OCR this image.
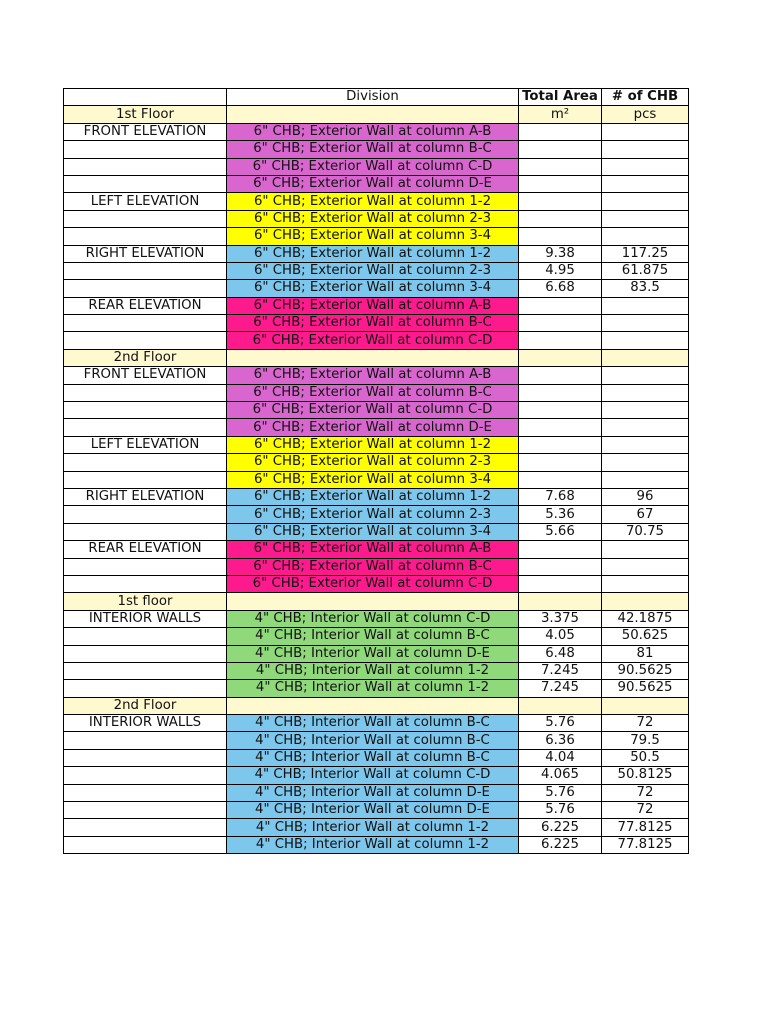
	Division	Total Area	# of CHB
1st Floor		m²	pcs
FRONT ELEVATION	6" CHB; Exterior Wall at column A-B		
	6" CHB; Exterior Wall at column B-C		
	6" CHB; Exterior Wall at column C-D		
	6" CHB; Exterior Wall at column D-E		
LEFT ELEVATION	6" CHB; Exterior Wall at column 1-2		
	6" CHB; Exterior Wall at column 2-3		
	6" CHB; Exterior Wall at column 3-4		
RIGHT ELEVATION	6" CHB; Exterior Wall at column 1-2	9.38	117.25
	6" CHB; Exterior Wall at column 2-3	4.95	61.875
	6" CHB; Exterior Wall at column 3-4	6.68	83.5
REAR ELEVATION	6" CHB; Exterior Wall at column A-B		
	6" CHB; Exterior Wall at column B-C		
	6" CHB; Exterior Wall at column C-D		
2nd Floor			
FRONT ELEVATION	6" CHB; Exterior Wall at column A-B		
	6" CHB; Exterior Wall at column B-C		
	6" CHB; Exterior Wall at column C-D		
	6" CHB; Exterior Wall at column D-E		
LEFT ELEVATION	6" CHB; Exterior Wall at column 1-2		
	6" CHB; Exterior Wall at column 2-3		
	6" CHB; Exterior Wall at column 3-4		
RIGHT ELEVATION	6" CHB; Exterior Wall at column 1-2	7.68	96
	6" CHB; Exterior Wall at column 2-3	5.36	67
	6" CHB; Exterior Wall at column 3-4	5.66	70.75
REAR ELEVATION	6" CHB; Exterior Wall at column A-B		
	6" CHB; Exterior Wall at column B-C		
	6" CHB; Exterior Wall at column C-D		
1st floor			
INTERIOR WALLS	4" CHB; Interior Wall at column C-D	3.375	42.1875
	4" CHB; Interior Wall at column B-C	4.05	50.625
	4" CHB; Interior Wall at column D-E	6.48	81
	4" CHB; Interior Wall at column 1-2	7.245	90.5625
	4" CHB; Interior Wall at column 1-2	7.245	90.5625
2nd Floor			
INTERIOR WALLS	4" CHB; Interior Wall at column B-C	5.76	72
	4" CHB; Interior Wall at column B-C	6.36	79.5
	4" CHB; Interior Wall at column B-C	4.04	50.5
	4" CHB; Interior Wall at column C-D	4.065	50.8125
	4" CHB; Interior Wall at column D-E	5.76	72
	4" CHB; Interior Wall at column D-E	5.76	72
	4" CHB; Interior Wall at column 1-2	6.225	77.8125
	4" CHB; Interior Wall at column 1-2	6.225	77.8125
